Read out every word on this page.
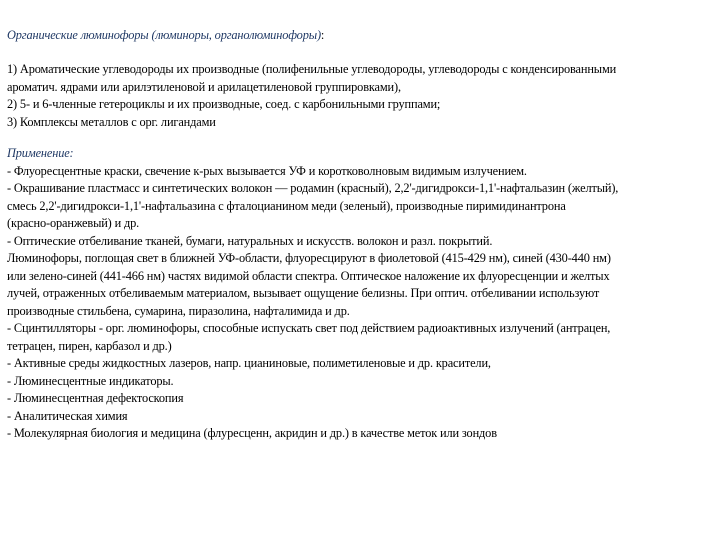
Органические люминофоры (люминоры, органолюминофоры):
1) Ароматические углеводороды их производные (полифенильные углеводороды, углеводороды с конденсированными
ароматич. ядрами или арилэтиленовой и арилацетиленовой группировками),
2) 5- и 6-членные гетероциклы и их производные, соед. с карбонильными группами;
3) Комплексы металлов с орг. лигандами
Применение:
- Флуоресцентные краски, свечение к-рых вызывается УФ и коротковолновым видимым излучением.
- Окрашивание пластмасс и синтетических волокон — родамин (красный), 2,2'-дигидрокси-1,1'-нафтальазин (желтый),
смесь 2,2'-дигидрокси-1,1'-нафтальазина с фталоцианином меди (зеленый), производные пиримидинантрона
(красно-оранжевый) и др.
- Оптические отбеливание тканей, бумаги, натуральных и искусств. волокон и разл. покрытий.
Люминофоры, поглощая свет в ближней УФ-области, флуоресцируют в фиолетовой (415-429 нм), синей (430-440 нм)
или зелено-синей (441-466 нм) частях видимой области спектра. Оптическое наложение их флуоресценции и желтых
лучей, отраженных отбеливаемым материалом, вызывает ощущение белизны. При оптич. отбеливании используют
производные стильбена, сумарина, пиразолина, нафталимида и др.
- Сцинтилляторы - орг. люминофоры, способные испускать свет под действием радиоактивных излучений (антрацен,
тетрацен, пирен, карбазол и др.)
- Активные среды жидкостных лазеров, напр. цианиновые, полиметиленовые и др. красители,
- Люминесцентные индикаторы.
- Люминесцентная дефектоскопия
- Аналитическая химия
- Молекулярная биология и медицина (флуресценн, акридин и др.) в качестве меток или зондов
